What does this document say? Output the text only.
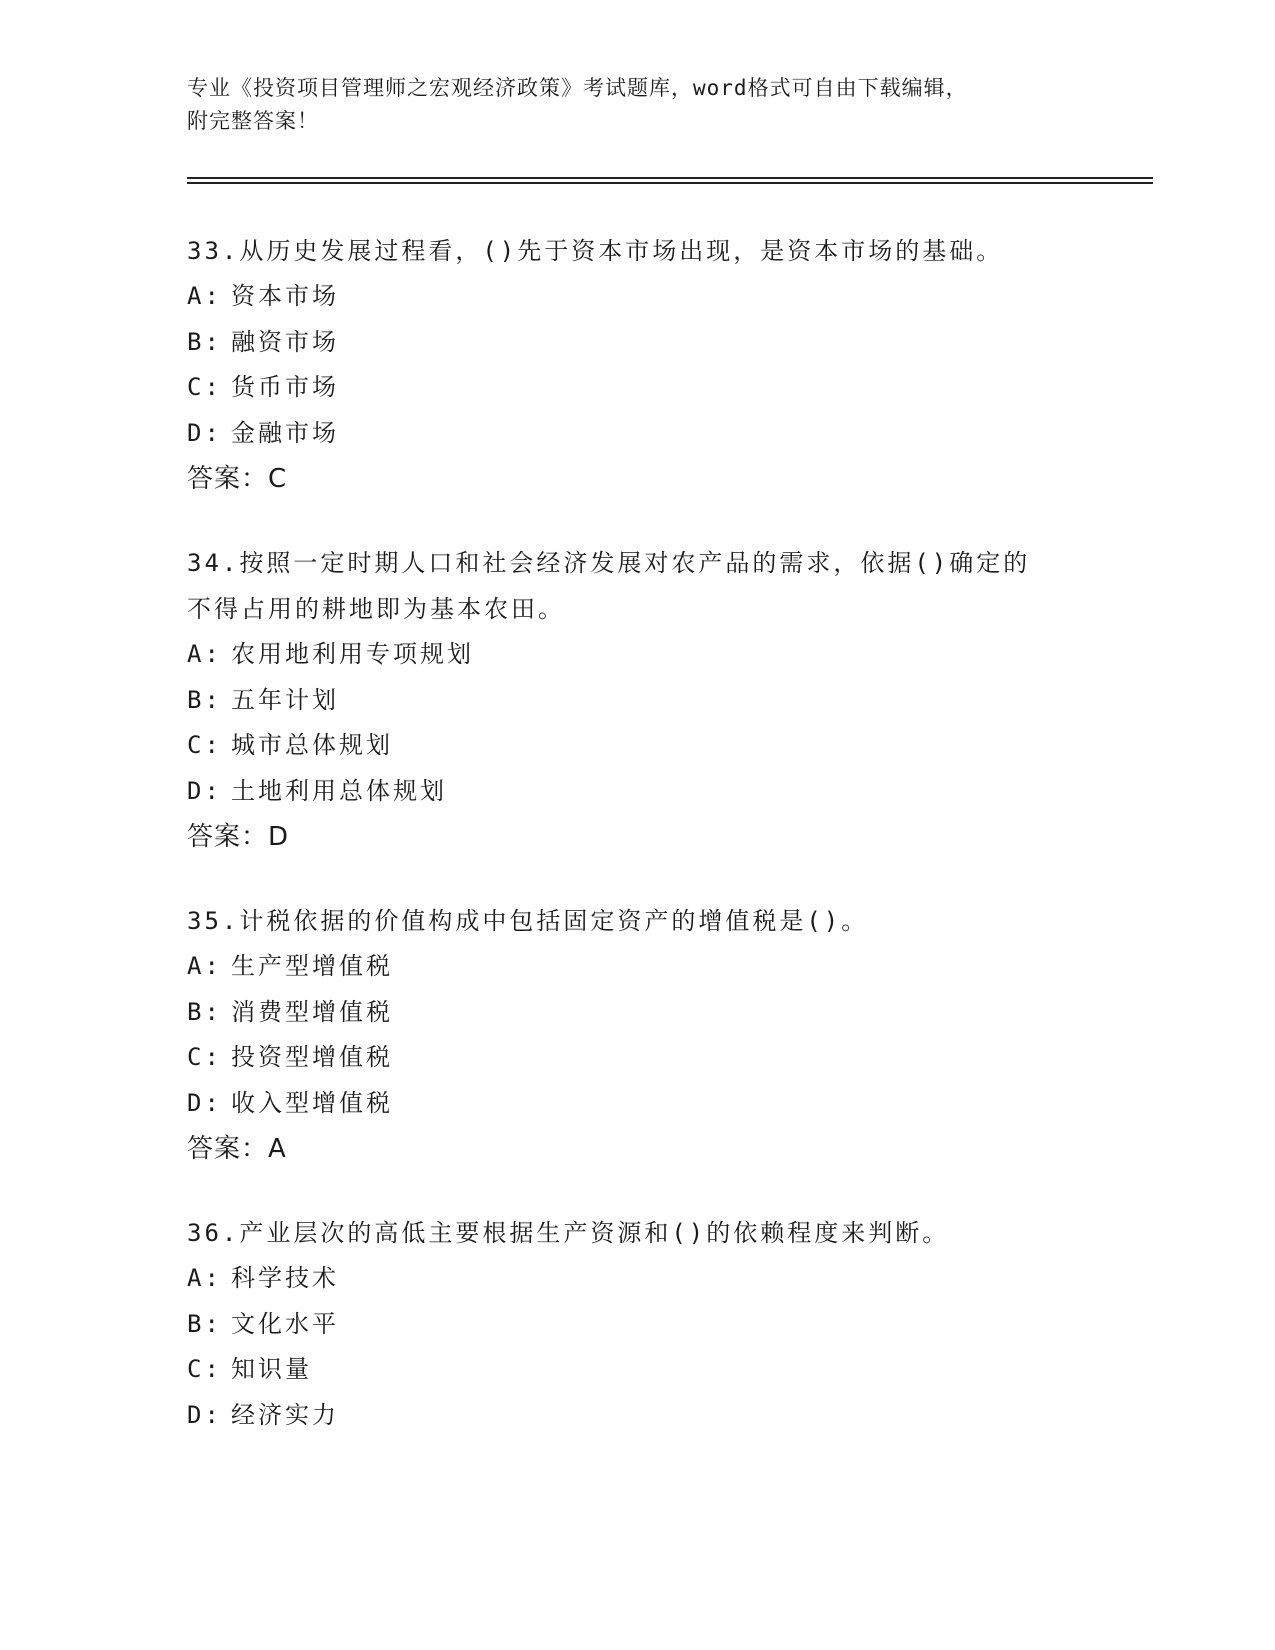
专业《投资项目管理师之宏观经济政策》考试题库，word格式可自由下载编辑，
附完整答案！

33.从历史发展过程看，()先于资本市场出现，是资本市场的基础。

A: 资本市场
B: 融资市场
C: 货币市场
D: 金融市场
答案：C

34.按照一定时期人口和社会经济发展对农产品的需求，依据()确定的
不得占用的耕地即为基本农田。

A: 农用地利用专项规划
B: 五年计划
C: 城市总体规划
D: 土地利用总体规划
答案：D

35.计税依据的价值构成中包括固定资产的增值税是()。

A: 生产型增值税
B: 消费型增值税
C: 投资型增值税
D: 收入型增值税
答案：A

36.产业层次的高低主要根据生产资源和()的依赖程度来判断。

A: 科学技术
B: 文化水平
C: 知识量
D: 经济实力
